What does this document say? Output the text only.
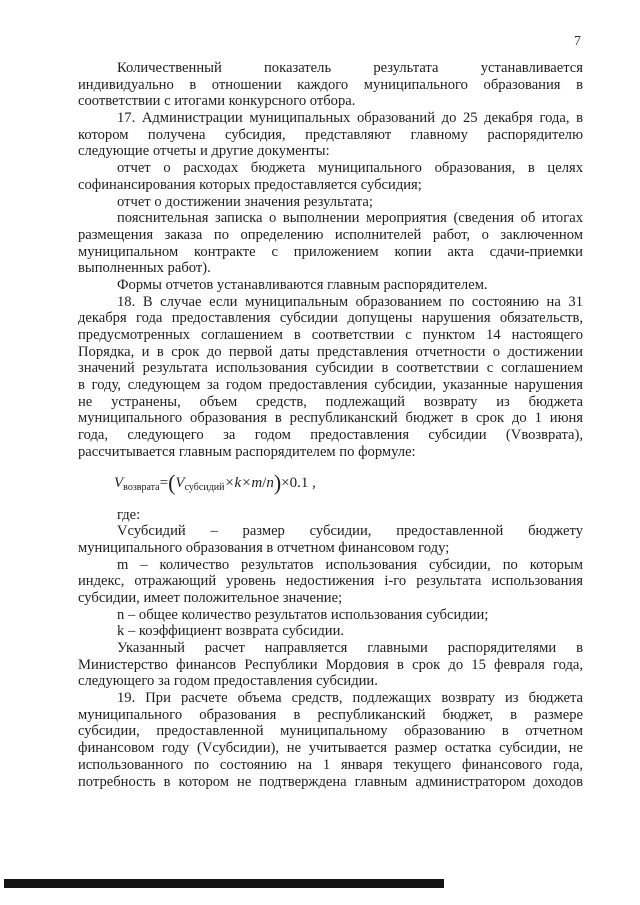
7
Количественный показатель результата устанавливается
индивидуально в отношении каждого муниципального образования в
соответствии с итогами конкурсного отбора.
17. Администрации муниципальных образований до 25 декабря года, в
котором получена субсидия, представляют главному распорядителю
следующие отчеты и другие документы:
отчет о расходах бюджета муниципального образования, в целях
софинансирования которых предоставляется субсидия;
отчет о достижении значения результата;
пояснительная записка о выполнении мероприятия (сведения об итогах
размещения заказа по определению исполнителей работ, о заключенном
муниципальном контракте с приложением копии акта сдачи-приемки
выполненных работ).
Формы отчетов устанавливаются главным распорядителем.
18. В случае если муниципальным образованием по состоянию на 31
декабря года предоставления субсидии допущены нарушения обязательств,
предусмотренных соглашением в соответствии с пунктом 14 настоящего
Порядка, и в срок до первой даты представления отчетности о достижении
значений результата использования субсидии в соответствии с соглашением
в году, следующем за годом предоставления субсидии, указанные нарушения
не устранены, объем средств, подлежащий возврату из бюджета
муниципального образования в республиканский бюджет в срок до 1 июня
года, следующего за годом предоставления субсидии (Vвозврата),
рассчитывается главным распорядителем по формуле:
V возврата = ( V субсидий ×k× m / n ) ×0.1 ,
где:
Vсубсидий – размер субсидии, предоставленной бюджету
муниципального образования в отчетном финансовом году;
m – количество результатов использования субсидии, по которым
индекс, отражающий уровень недостижения i-го результата использования
субсидии, имеет положительное значение;
n – общее количество результатов использования субсидии;
k – коэффициент возврата субсидии.
Указанный расчет направляется главными распорядителями в
Министерство финансов Республики Мордовия в срок до 15 февраля года,
следующего за годом предоставления субсидии.
19. При расчете объема средств, подлежащих возврату из бюджета
муниципального образования в республиканский бюджет, в размере
субсидии, предоставленной муниципальному образованию в отчетном
финансовом году (Vсубсидии), не учитывается размер остатка субсидии, не
использованного по состоянию на 1 января текущего финансового года,
потребность в котором не подтверждена главным администратором доходов
